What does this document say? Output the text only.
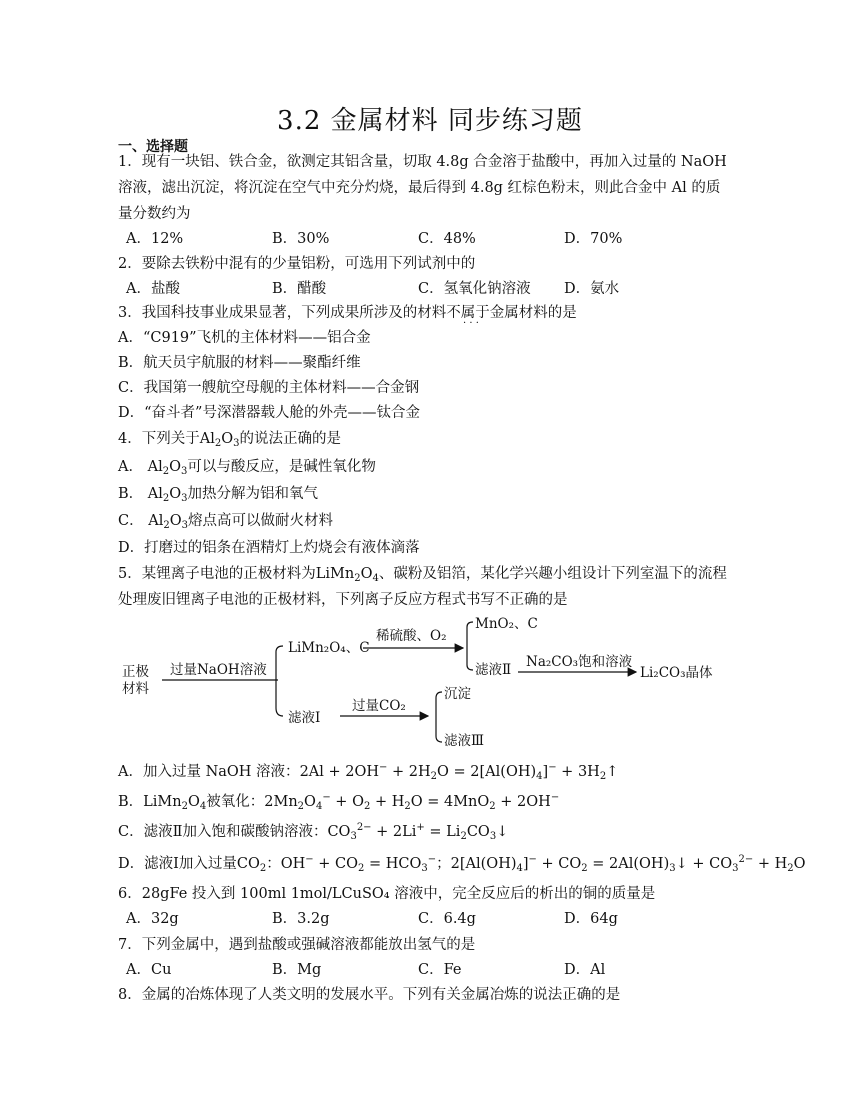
3.2 金属材料 同步练习题
一、选择题
1．现有一块铝、铁合金，欲测定其铝含量，切取 4.8g 合金溶于盐酸中，再加入过量的 NaOH
溶液，滤出沉淀，将沉淀在空气中充分灼烧，最后得到 4.8g 红棕色粉末，则此合金中 Al 的质
量分数约为
A．12%	B．30%	C．48%	D．70%
2．要除去铁粉中混有的少量铝粉，可选用下列试剂中的
A．盐酸	B．醋酸	C．氢氧化钠溶液 D．氨水
3．我国科技事业成果显著，下列成果所涉及的材料不属于金属材料的是
· · ·
A．“C919”飞机的主体材料——铝合金
B．航天员宇航服的材料——聚酯纤维
C．我国第一艘航空母舰的主体材料——合金钢
D．“奋斗者”号深潜器载人舱的外壳——钛合金
4．下列关于$Al_2O_3$的说法正确的是
A． $Al_2O_3$可以与酸反应，是碱性氧化物
B． $Al_2O_3$加热分解为铝和氧气
C． $Al_2O_3$熔点高可以做耐火材料
D．打磨过的铝条在酒精灯上灼烧会有液体滴落
5．某锂离子电池的正极材料为$LiMn_2O_4$、碳粉及铝箔，某化学兴趣小组设计下列室温下的流程
处理废旧锂离子电池的正极材料，下列离子反应方程式书写不正确的是
正极
材料
过量NaOH溶液
LiMn₂O₄、C
稀硫酸、O₂
MnO₂、C
滤液Ⅱ Na₂CO₃饱和溶液
Li₂CO₃晶体
滤液Ⅰ
过量CO₂
沉淀
滤液Ⅲ
A．加入过量 NaOH 溶液：$2Al + 2OH^- + 2H_2O = 2[Al(OH)_4]^-$ + $3H_2↑$
B．$LiMn_2O_4$被氧化：$2Mn_2O_4^- + O_2 + H_2O = 4MnO_2 + 2OH^-$
C．滤液Ⅱ加入饱和碳酸钠溶液：$CO_3^{2-} + 2Li^+$ = $Li_2CO_3↓$
D．滤液Ⅰ加入过量$CO_2$：$OH^- + CO_2 = HCO_3^-$；$2[Al(OH)_4]^- + CO_2$ = $2Al(OH)_3↓ + CO_3^{2-} + H_2O$
6．28gFe 投入到 100ml 1mol/LCuSO₄ 溶液中，完全反应后的析出的铜的质量是
A．32g	B．3.2g	C．6.4g	D．64g
7．下列金属中，遇到盐酸或强碱溶液都能放出氢气的是
A．Cu	B．Mg	C．Fe	D．Al
8．金属的冶炼体现了人类文明的发展水平。下列有关金属冶炼的说法正确的是
